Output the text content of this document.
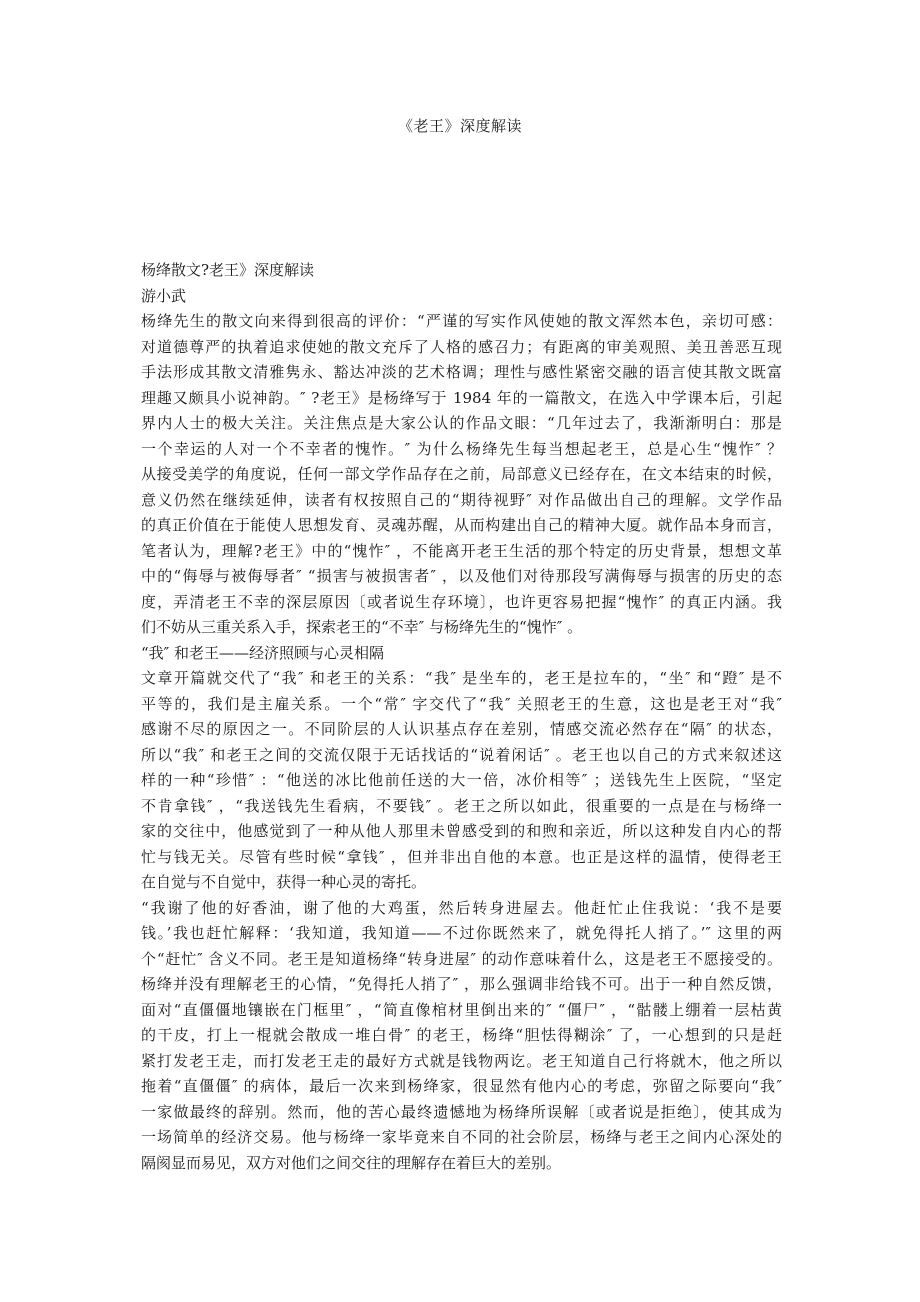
《老王》深度解读

杨绛散文?老王》深度解读

游小武

杨绛先生的散文向来得到很高的评价：“严谨的写实作风使她的散文浑然本色，亲切可感：

对道德尊严的执着追求使她的散文充斥了人格的感召力；有距离的审美观照、美丑善恶互现

手法形成其散文清雅隽永、豁达冲淡的艺术格调；理性与感性紧密交融的语言使其散文既富

理趣又颇具小说神韵。″ ?老王》是杨绛写于 1984 年的一篇散文，在选入中学课本后，引起

界内人士的极大关注。关注焦点是大家公认的作品文眼：“几年过去了，我渐渐明白：那是

一个幸运的人对一个不幸者的愧怍。″ 为什么杨绛先生每当想起老王，总是心生“愧怍″ ？

从接受美学的角度说，任何一部文学作品存在之前，局部意义已经存在，在文本结束的时候，

意义仍然在继续延伸，读者有权按照自己的“期待视野″ 对作品做出自己的理解。文学作品

的真正价值在于能使人思想发育、灵魂苏醒，从而构建出自己的精神大厦。就作品本身而言，

笔者认为，理解?老王》中的“愧怍″ ，不能离开老王生活的那个特定的历史背景，想想文革

中的“侮辱与被侮辱者″ “损害与被损害者″ ，以及他们对待那段写满侮辱与损害的历史的态

度，弄清老王不幸的深层原因〔或者说生存环境〕，也许更容易把握“愧怍″ 的真正内涵。我

们不妨从三重关系入手，探索老王的“不幸″ 与杨绛先生的“愧怍″ 。

“我″ 和老王——经济照顾与心灵相隔

文章开篇就交代了“我″ 和老王的关系：“我″ 是坐车的，老王是拉车的，“坐″ 和“蹬″ 是不

平等的，我们是主雇关系。一个“常″ 字交代了“我″ 关照老王的生意，这也是老王对“我″

感谢不尽的原因之一。不同阶层的人认识基点存在差别，情感交流必然存在“隔″ 的状态，

所以“我″ 和老王之间的交流仅限于无话找话的“说着闲话″ 。老王也以自己的方式来叙述这

样的一种“珍惜″ ：“他送的冰比他前任送的大一倍，冰价相等″ ；送钱先生上医院，“坚定

不肯拿钱″ ，“我送钱先生看病，不要钱″ 。老王之所以如此，很重要的一点是在与杨绛一

家的交往中，他感觉到了一种从他人那里未曾感受到的和煦和亲近，所以这种发自内心的帮

忙与钱无关。尽管有些时候“拿钱″ ，但并非出自他的本意。也正是这样的温情，使得老王

在自觉与不自觉中，获得一种心灵的寄托。

“我谢了他的好香油，谢了他的大鸡蛋，然后转身进屋去。他赶忙止住我说：‘我不是要

钱。’我也赶忙解释：‘我知道，我知道——不过你既然来了，就免得托人捎了。’″ 这里的两

个“赶忙″ 含义不同。老王是知道杨绛“转身进屋″ 的动作意味着什么，这是老王不愿接受的。

杨绛并没有理解老王的心情，“免得托人捎了″ ，那么强调非给钱不可。出于一种自然反馈，

面对“直僵僵地镶嵌在门框里″ ，“简直像棺材里倒出来的″ “僵尸″ ，“骷髅上绷着一层枯黄

的干皮，打上一棍就会散成一堆白骨″ 的老王，杨绛“胆怯得糊涂″ 了，一心想到的只是赶

紧打发老王走，而打发老王走的最好方式就是钱物两讫。老王知道自己行将就木，他之所以

拖着“直僵僵″ 的病体，最后一次来到杨绛家，很显然有他内心的考虑，弥留之际要向“我″

一家做最终的辞别。然而，他的苦心最终遗憾地为杨绛所误解〔或者说是拒绝〕，使其成为

一场简单的经济交易。他与杨绛一家毕竟来自不同的社会阶层，杨绛与老王之间内心深处的

隔阂显而易见，双方对他们之间交往的理解存在着巨大的差别。
